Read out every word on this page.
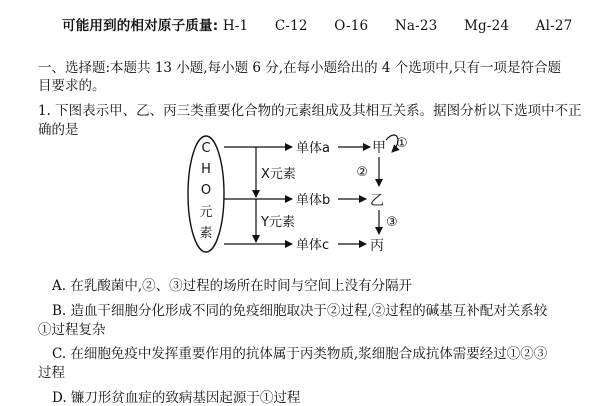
可能用到的相对原子质量: H-1 C-12 O-16 Na-23 Mg-24 Al-27
一、选择题:本题共 13 小题,每小题 6 分,在每小题给出的 4 个选项中,只有一项是符合题
目要求的。
1. 下图表示甲、乙、丙三类重要化合物的元素组成及其相互关系。据图分析以下选项中不正
确的是
C
H
O
元
素
X元素
Y元素
单体a
单体b
单体c
甲
乙
丙
①
②
③
A. 在乳酸菌中,②、③过程的场所在时间与空间上没有分隔开
B. 造血干细胞分化形成不同的免疫细胞取决于②过程,②过程的碱基互补配对关系较
①过程复杂
C. 在细胞免疫中发挥重要作用的抗体属于丙类物质,浆细胞合成抗体需要经过①②③
过程
D. 镰刀形贫血症的致病基因起源于①过程
